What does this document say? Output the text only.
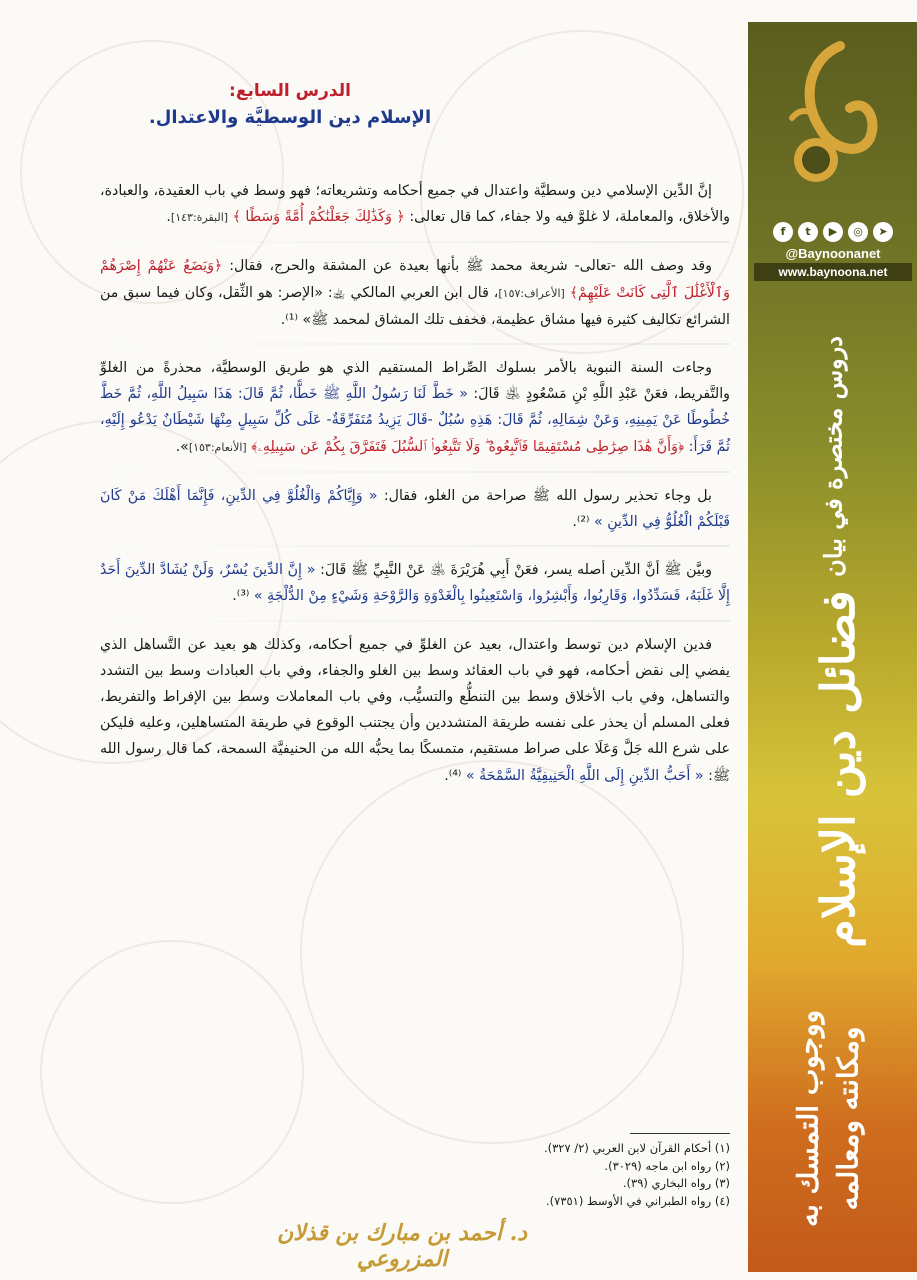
f	t	▶	◎	➤
@Baynoonanet
www.baynoona.net
دروس مختصرة في بيان
فضائل دين الإسلام
ومكانته ومعالمه
ووجوب التمسك به
الدرس السابع:
الإسلام دين الوسطيَّة والاعتدال.

إنَّ الدِّين الإسلامي دين وسطيَّة واعتدال في جميع أحكامه وتشريعاته؛ فهو وسط في باب العقيدة، والعبادة، والأخلاق، والمعاملة، لا غلوَّ فيه ولا جفاء، كما قال تعالى: ﴿ وَكَذَٰلِكَ جَعَلْنَٰكُمْ أُمَّةً وَسَطًا ﴾ [البقرة:١٤٣].

وقد وصف الله -تعالى- شريعة محمد ﷺ بأنها بعيدة عن المشقة والحرج، فقال: ﴿وَيَضَعُ عَنْهُمْ إِصْرَهُمْ وَٱلْأَغْلَٰلَ ٱلَّتِى كَانَتْ عَلَيْهِمْ﴾ [الأعراف:١٥٧]، قال ابن العربي المالكي ﵀: «الإصر: هو الثِّقل، وكان فيما سبق من الشرائع تكاليف كثيرة فيها مشاق عظيمة، فخفف تلك المشاق لمحمد ﷺ» ⁽¹⁾.

وجاءت السنة النبوية بالأمر بسلوك الصِّراط المستقيم الذي هو طريق الوسطيَّة، محذرةً من الغلوِّ والتَّفريط، فعَنْ عَبْدِ اللَّهِ بْنِ مَسْعُودٍ ﵁ قَالَ: « خَطَّ لَنَا رَسُولُ اللَّهِ ﷺ خَطًّا، ثُمَّ قَالَ: هَذَا سَبِيلُ اللَّهِ، ثُمَّ خَطَّ خُطُوطًا عَنْ يَمِينِهِ، وَعَنْ شِمَالِهِ، ثُمَّ قَالَ: هَذِهِ سُبُلٌ -قَالَ يَزِيدُ مُتَفَرِّقَةٌ- عَلَى كُلِّ سَبِيلٍ مِنْهَا شَيْطَانٌ يَدْعُو إِلَيْهِ، ثُمَّ قَرَأَ: ﴿وَأَنَّ هَٰذَا صِرَٰطِى مُسْتَقِيمًا فَٱتَّبِعُوهُ ۖ وَلَا تَتَّبِعُوا۟ ٱلسُّبُلَ فَتَفَرَّقَ بِكُمْ عَن سَبِيلِهِۦ﴾ [الأنعام:١٥٣]».

بل وجاء تحذير رسول الله ﷺ صراحة من الغلو، فقال: « وَإِيَّاكُمْ وَالْغُلُوَّ فِي الدِّينِ، فَإِنَّمَا أَهْلَكَ مَنْ كَانَ قَبْلَكُمْ الْغُلُوُّ فِي الدِّينِ » ⁽²⁾.

وبيَّن ﷺ أنَّ الدِّين أصله يسر، فعَنْ أَبِي هُرَيْرَةَ ﵁ عَنْ النَّبِيِّ ﷺ قَالَ: « إِنَّ الدِّينَ يُسْرٌ، وَلَنْ يُشَادَّ الدِّينَ أَحَدٌ إِلَّا غَلَبَهُ، فَسَدِّدُوا، وَقَارِبُوا، وَأَبْشِرُوا، وَاسْتَعِينُوا بِالْغَدْوَةِ وَالرَّوْحَةِ وَشَيْءٍ مِنْ الدُّلْجَةِ » ⁽³⁾.

فدين الإسلام دين توسط واعتدال، بعيد عن الغلوِّ في جميع أحكامه، وكذلك هو بعيد عن التَّساهل الذي يفضي إلى نقض أحكامه، فهو في باب العقائد وسط بين الغلو والجفاء، وفي باب العبادات وسط بين التشدد والتساهل، وفي باب الأخلاق وسط بين التنطُّع والتسيُّب، وفي باب المعاملات وسط بين الإفراط والتفريط، فعلى المسلم أن يحذر على نفسه طريقة المتشددين وأن يجتنب الوقوع في طريقة المتساهلين، وعليه فليكن على شرع الله جَلَّ وَعَلَا على صراط مستقيم، متمسكًا بما يحبُّه الله من الحنيفيَّة السمحة، كما قال رسول الله ﷺ: « أَحَبُّ الدِّينِ إِلَى اللَّهِ الْحَنِيفِيَّةُ السَّمْحَةُ » ⁽⁴⁾.

(١) أحكام القرآن لابن العربي (٢/ ٣٢٧).
(٢) رواه ابن ماجه (٣٠٢٩).
(٣) رواه البخاري (٣٩).
(٤) رواه الطبراني في الأوسط (٧٣٥١).
د. أحمد بن مبارك بن قذلان المزروعي
